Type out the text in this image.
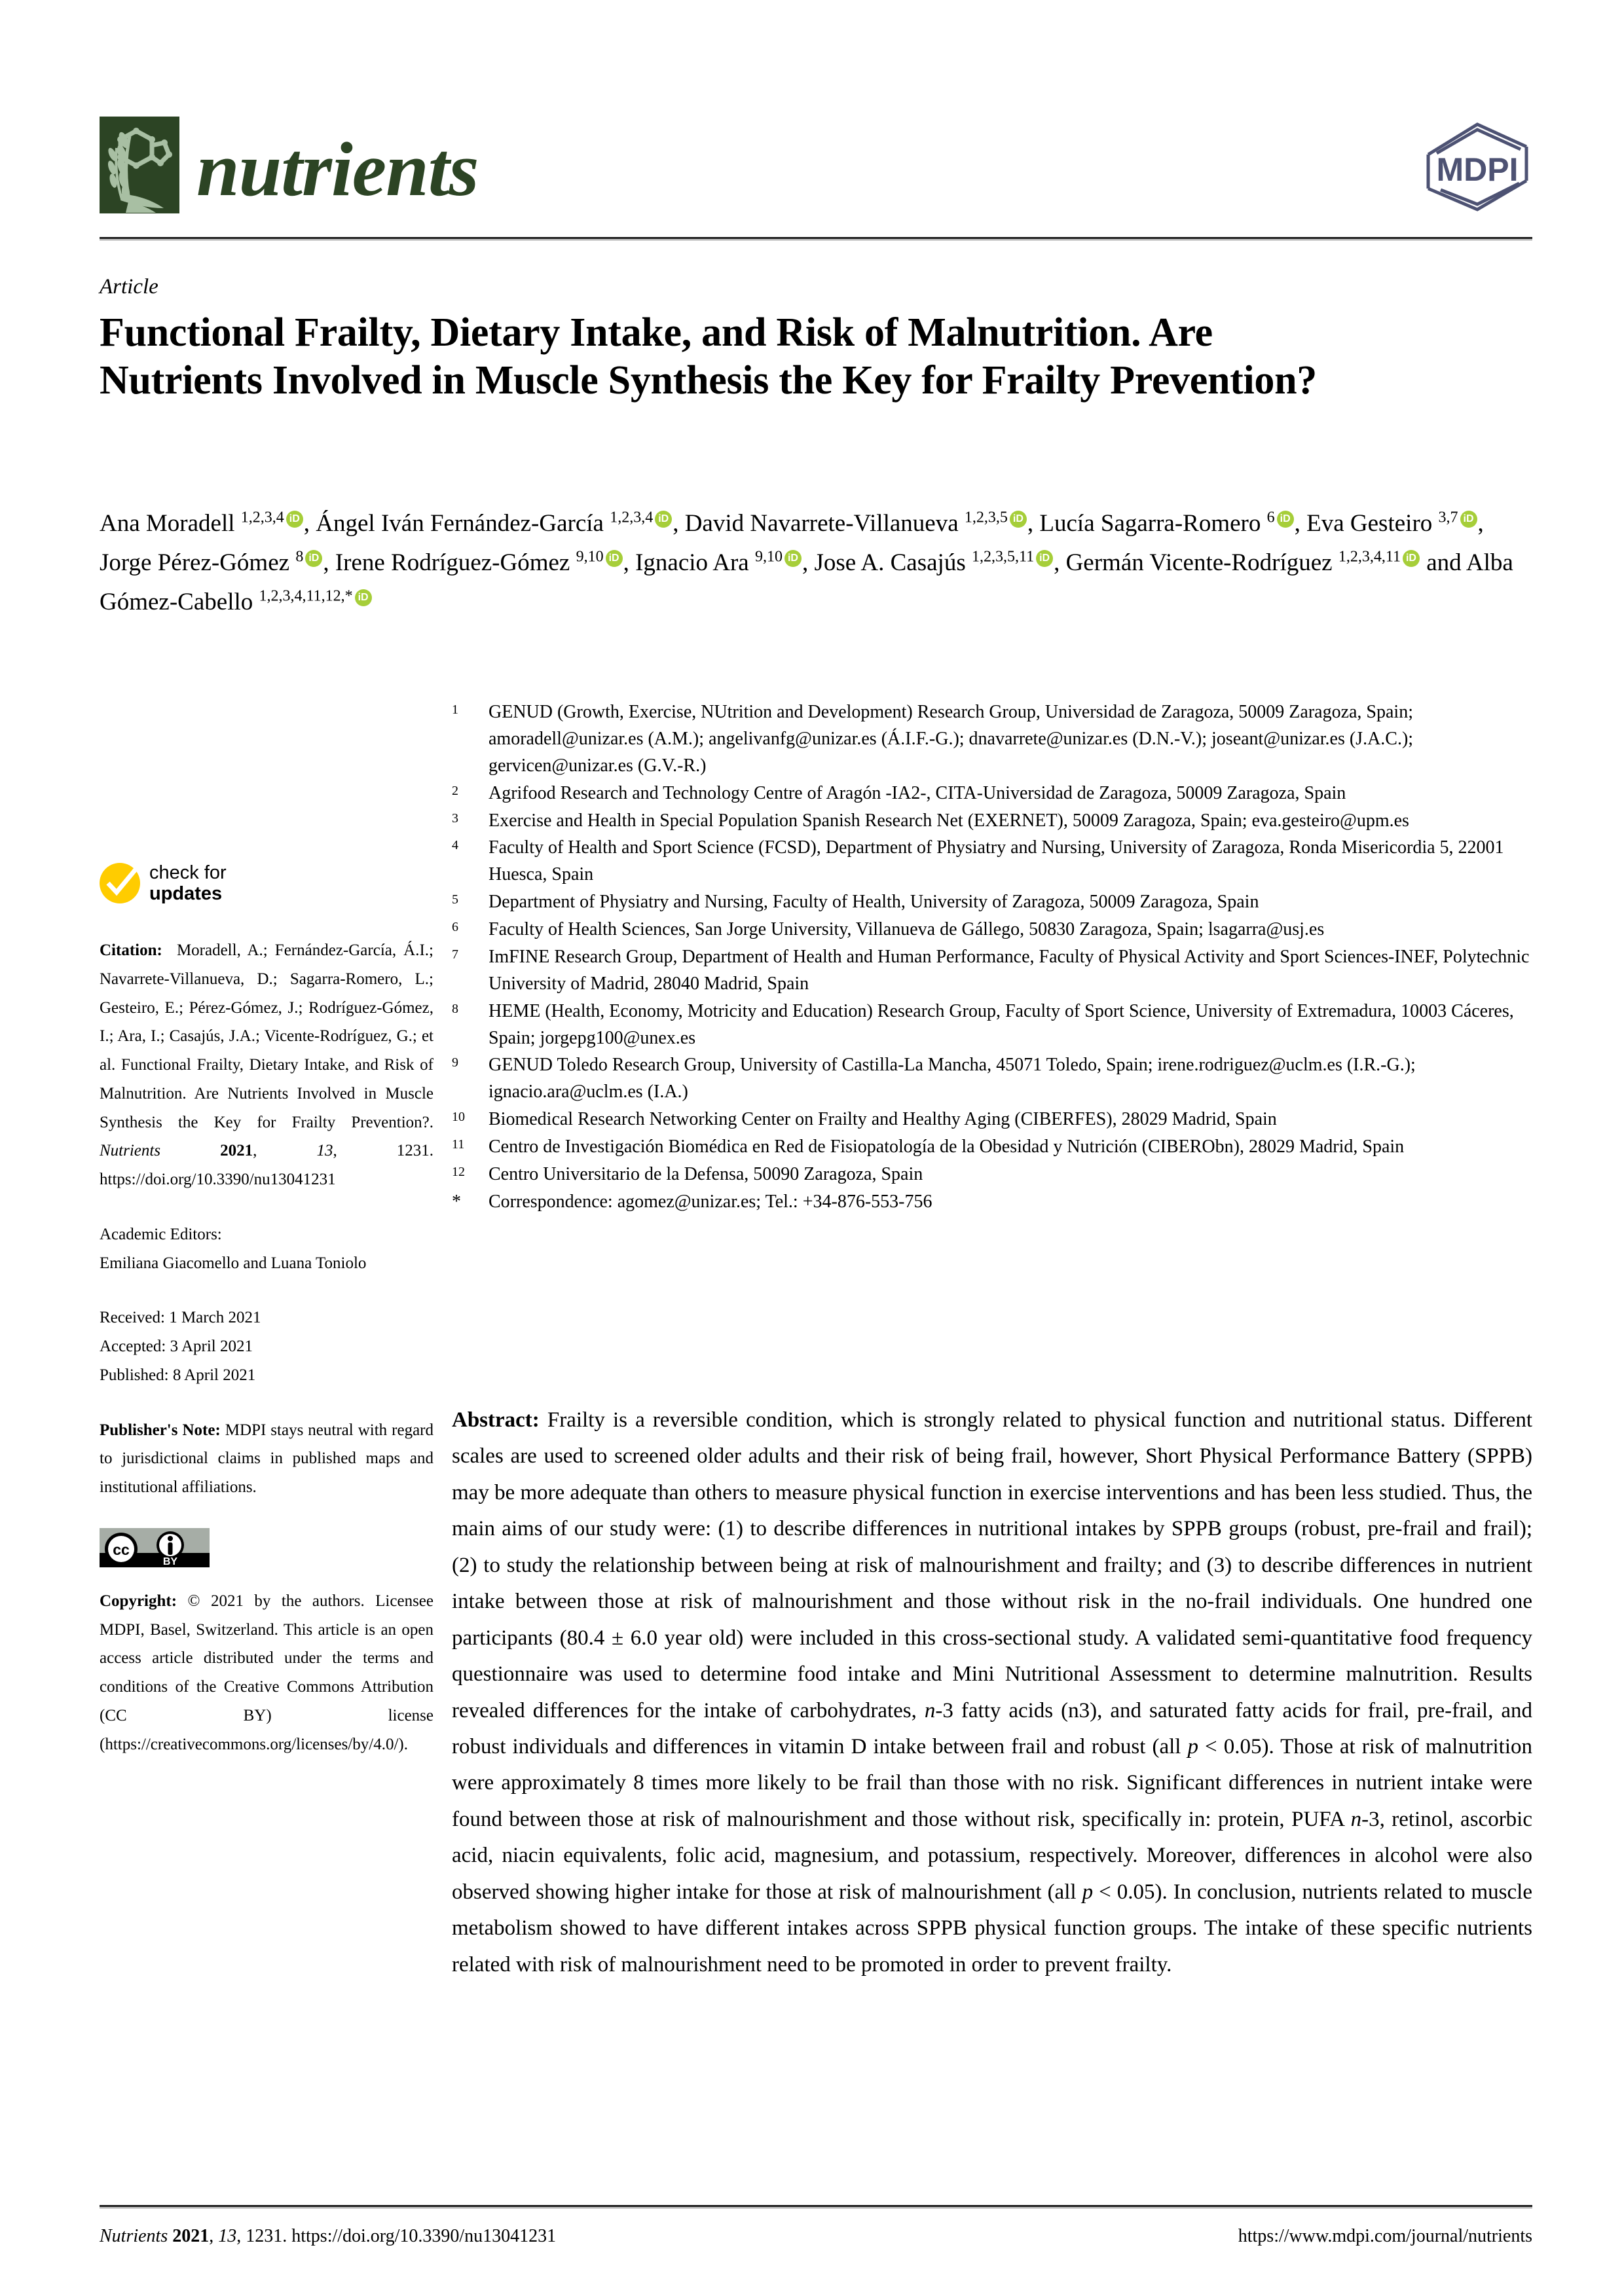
nutrients	MDPI
Article
Functional Frailty, Dietary Intake, and Risk of Malnutrition. Are Nutrients Involved in Muscle Synthesis the Key for Frailty Prevention?
Ana Moradell $^{1,2,3,4}$ iD , Ángel Iván Fernández-García $^{1,2,3,4}$ iD , David Navarrete-Villanueva $^{1,2,3,5}$ iD , Lucía Sagarra-Romero $^6$ iD , Eva Gesteiro $^{3,7}$ iD , Jorge Pérez-Gómez $^8$ iD , Irene Rodríguez-Gómez $^{9,10}$ iD , Ignacio Ara $^{9,10}$ iD , Jose A. Casajús $^{1,2,3,5,11}$ iD , Germán Vicente-Rodríguez $^{1,2,3,4,11}$iD and Alba Gómez-Cabello $^{1,2,3,4,11,12,*}$iD
check for
updates
Citation:  Moradell, A.; Fernández-García, Á.I.; Navarrete-Villanueva, D.; Sagarra-Romero, L.; Gesteiro, E.; Pérez-Gómez, J.; Rodríguez-Gómez, I.; Ara, I.; Casajús, J.A.; Vicente-Rodríguez, G.; et al. Functional Frailty, Dietary Intake, and Risk of Malnutrition. Are Nutrients Involved in Muscle Synthesis the Key for Frailty Prevention?. Nutrients	2021, 13, 1231. https://doi.org/10.3390/nu13041231
Academic Editors:
Emiliana Giacomello and Luana Toniolo
Received: 1 March 2021
Accepted: 3 April 2021
Published: 8 April 2021
Publisher's Note: MDPI stays neutral with regard to jurisdictional claims in published maps and institutional affiliations.
cc
BY
Copyright: © 2021 by the authors. Licensee MDPI, Basel, Switzerland. This article is an open access article distributed under the terms and conditions of the Creative Commons Attribution (CC BY) license (https://creativecommons.org/licenses/by/4.0/).
1	GENUD (Growth, Exercise, NUtrition and Development) Research Group, Universidad de Zaragoza, 50009 Zaragoza, Spain; amoradell@unizar.es (A.M.); angelivanfg@unizar.es (Á.I.F.-G.); dnavarrete@unizar.es (D.N.-V.); joseant@unizar.es (J.A.C.); gervicen@unizar.es (G.V.-R.)
2	Agrifood Research and Technology Centre of Aragón -IA2-, CITA-Universidad de Zaragoza, 50009 Zaragoza, Spain
3	Exercise and Health in Special Population Spanish Research Net (EXERNET), 50009 Zaragoza, Spain; eva.gesteiro@upm.es
4	Faculty of Health and Sport Science (FCSD), Department of Physiatry and Nursing, University of Zaragoza, Ronda Misericordia 5, 22001 Huesca, Spain
5	Department of Physiatry and Nursing, Faculty of Health, University of Zaragoza, 50009 Zaragoza, Spain
6	Faculty of Health Sciences, San Jorge University, Villanueva de Gállego, 50830 Zaragoza, Spain; lsagarra@usj.es
7	ImFINE Research Group, Department of Health and Human Performance, Faculty of Physical Activity and Sport Sciences-INEF, Polytechnic University of Madrid, 28040 Madrid, Spain
8	HEME (Health, Economy, Motricity and Education) Research Group, Faculty of Sport Science, University of Extremadura, 10003 Cáceres, Spain; jorgepg100@unex.es
9	GENUD Toledo Research Group, University of Castilla-La Mancha, 45071 Toledo, Spain; irene.rodriguez@uclm.es (I.R.-G.); ignacio.ara@uclm.es (I.A.)
10	Biomedical Research Networking Center on Frailty and Healthy Aging (CIBERFES), 28029 Madrid, Spain
11	Centro de Investigación Biomédica en Red de Fisiopatología de la Obesidad y Nutrición (CIBERObn), 28029 Madrid, Spain
12	Centro Universitario de la Defensa, 50090 Zaragoza, Spain
*	Correspondence: agomez@unizar.es; Tel.: +34-876-553-756
Abstract: Frailty is a reversible condition, which is strongly related to physical function and nutritional status. Different scales are used to screened older adults and their risk of being frail, however, Short Physical Performance Battery (SPPB) may be more adequate than others to measure physical function in exercise interventions and has been less studied. Thus, the main aims of our study were: (1) to describe differences in nutritional intakes by SPPB groups (robust, pre-frail and frail); (2) to study the relationship between being at risk of malnourishment and frailty; and (3) to describe differences in nutrient intake between those at risk of malnourishment and those without risk in the no-frail individuals. One hundred one participants (80.4 ± 6.0 year old) were included in this cross-sectional study. A validated semi-quantitative food frequency questionnaire was used to determine food intake and Mini Nutritional Assessment to determine malnutrition. Results revealed differences for the intake of carbohydrates, n-3 fatty acids (n3), and saturated fatty acids for frail, pre-frail, and robust individuals and differences in vitamin D intake between frail and robust (all p < 0.05). Those at risk of malnutrition were approximately 8 times more likely to be frail than those with no risk. Significant differences in nutrient intake were found between those at risk of malnourishment and those without risk, specifically in: protein, PUFA n-3, retinol, ascorbic acid, niacin equivalents, folic acid, magnesium, and potassium, respectively. Moreover, differences in alcohol were also observed showing higher intake for those at risk of malnourishment (all p < 0.05). In conclusion, nutrients related to muscle metabolism showed to have different intakes across SPPB physical function groups. The intake of these specific nutrients related with risk of malnourishment need to be promoted in order to prevent frailty.
Nutrients 2021, 13, 1231. https://doi.org/10.3390/nu13041231	https://www.mdpi.com/journal/nutrients
